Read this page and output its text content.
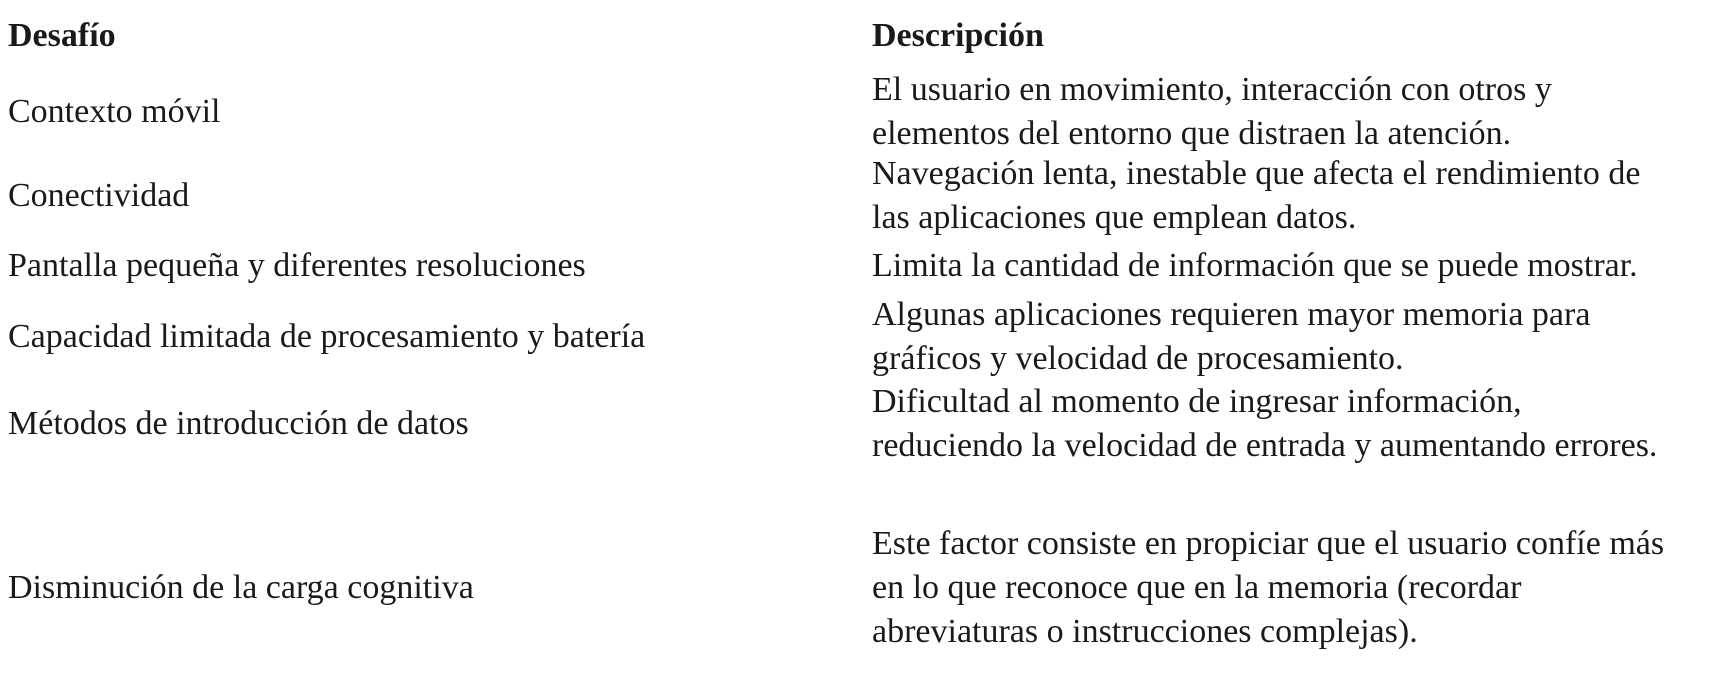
Desafío	Descripción
Contexto móvil
El usuario en movimiento, interacción con otros y
elementos del entorno que distraen la atención.
Conectividad
Navegación lenta, inestable que afecta el rendimiento de
las aplicaciones que emplean datos.
Pantalla pequeña y diferentes resoluciones	Limita la cantidad de información que se puede mostrar.
Capacidad limitada de procesamiento y batería
Algunas aplicaciones requieren mayor memoria para
gráficos y velocidad de procesamiento.
Métodos de introducción de datos
Dificultad al momento de ingresar información,
reduciendo la velocidad de entrada y aumentando errores.
Disminución de la carga cognitiva
Este factor consiste en propiciar que el usuario confíe más
en lo que reconoce que en la memoria (recordar
abreviaturas o instrucciones complejas).
